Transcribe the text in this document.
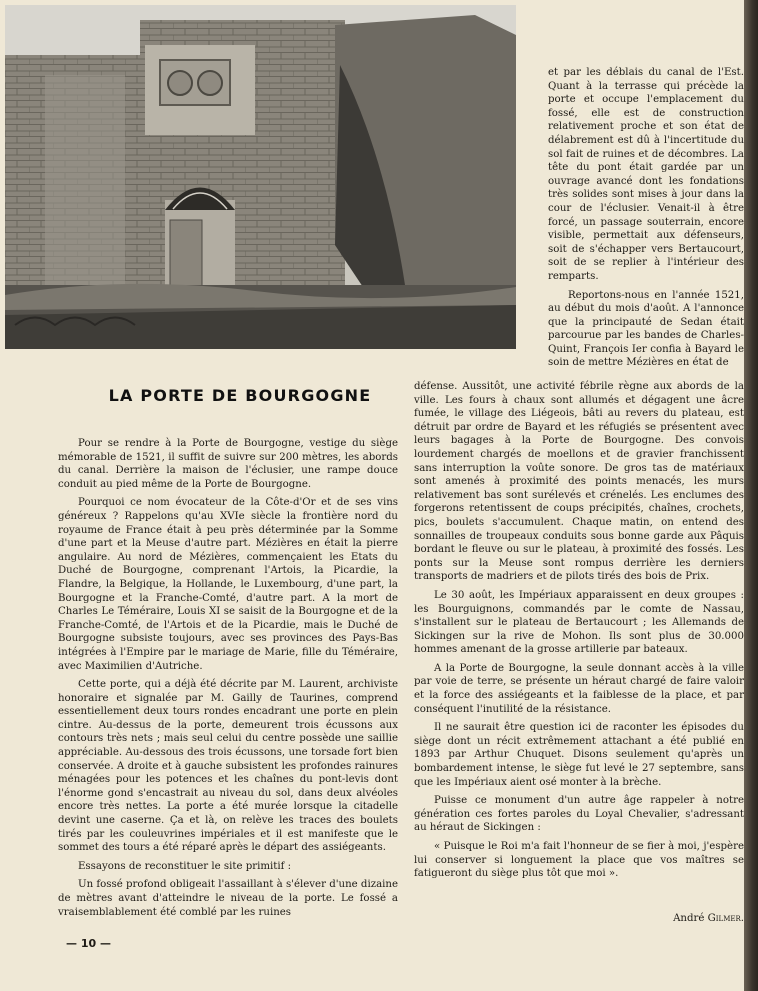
LA PORTE DE BOURGOGNE

Pour se rendre à la Porte de Bourgogne, vestige du siège mémorable de 1521, il suffit de suivre sur 200 mètres, les abords du canal. Derrière la maison de l'éclusier, une rampe douce conduit au pied même de la Porte de Bourgogne.

Pourquoi ce nom évocateur de la Côte-d'Or et de ses vins généreux ? Rappelons qu'au XVIe siècle la frontière nord du royaume de France était à peu près déterminée par la Somme d'une part et la Meuse d'autre part. Mézières en était la pierre angulaire. Au nord de Mézières, commençaient les Etats du Duché de Bourgogne, comprenant l'Artois, la Picardie, la Flandre, la Belgique, la Hollande, le Luxembourg, d'une part, la Bourgogne et la Franche-Comté, d'autre part. A la mort de Charles Le Téméraire, Louis XI se saisit de la Bourgogne et de la Franche-Comté, de l'Artois et de la Picardie, mais le Duché de Bourgogne subsiste toujours, avec ses provinces des Pays-Bas intégrées à l'Empire par le mariage de Marie, fille du Téméraire, avec Maximilien d'Autriche.

Cette porte, qui a déjà été décrite par M. Laurent, archiviste honoraire et signalée par M. Gailly de Taurines, comprend essentiellement deux tours rondes encadrant une porte en plein cintre. Au-dessus de la porte, demeurent trois écussons aux contours très nets ; mais seul celui du centre possède une saillie appréciable. Au-dessous des trois écussons, une torsade fort bien conservée. A droite et à gauche subsistent les profondes rainures ménagées pour les potences et les chaînes du pont-levis dont l'énorme gond s'encastrait au niveau du sol, dans deux alvéoles encore très nettes. La porte a été murée lorsque la citadelle devint une caserne. Ça et là, on relève les traces des boulets tirés par les couleuvrines impériales et il est manifeste que le sommet des tours a été réparé après le départ des assiégeants.

Essayons de reconstituer le site primitif :

Un fossé profond obligeait l'assaillant à s'élever d'une dizaine de mètres avant d'atteindre le niveau de la porte. Le fossé a vraisemblablement été comblé par les ruines

et par les déblais du canal de l'Est. Quant à la terrasse qui précède la porte et occupe l'emplacement du fossé, elle est de construction relativement proche et son état de délabrement est dû à l'incertitude du sol fait de ruines et de décombres. La tête du pont était gardée par un ouvrage avancé dont les fondations très solides sont mises à jour dans la cour de l'éclusier. Venait-il à être forcé, un passage souterrain, encore visible, permettait aux défenseurs, soit de s'échapper vers Bertaucourt, soit de se replier à l'intérieur des remparts.

Reportons-nous en l'année 1521, au début du mois d'août. A l'annonce que la principauté de Sedan était parcourue par les bandes de Charles-Quint, François Ier confia à Bayard le soin de mettre Mézières en état de

défense. Aussitôt, une activité fébrile règne aux abords de la ville. Les fours à chaux sont allumés et dégagent une âcre fumée, le village des Liégeois, bâti au revers du plateau, est détruit par ordre de Bayard et les réfugiés se présentent avec leurs bagages à la Porte de Bourgogne. Des convois lourdement chargés de moellons et de gravier franchissent sans interruption la voûte sonore. De gros tas de matériaux sont amenés à proximité des points menacés, les murs relativement bas sont surélevés et crénelés. Les enclumes des forgerons retentissent de coups précipités, chaînes, crochets, pics, boulets s'accumulent. Chaque matin, on entend des sonnailles de troupeaux conduits sous bonne garde aux Pâquis bordant le fleuve ou sur le plateau, à proximité des fossés. Les ponts sur la Meuse sont rompus derrière les derniers transports de madriers et de pilots tirés des bois de Prix.

Le 30 août, les Impériaux apparaissent en deux groupes : les Bourguignons, commandés par le comte de Nassau, s'installent sur le plateau de Bertaucourt ; les Allemands de Sickingen sur la rive de Mohon. Ils sont plus de 30.000 hommes amenant de la grosse artillerie par bateaux.

A la Porte de Bourgogne, la seule donnant accès à la ville par voie de terre, se présente un héraut chargé de faire valoir et la force des assiégeants et la faiblesse de la place, et par conséquent l'inutilité de la résistance.

Il ne saurait être question ici de raconter les épisodes du siège dont un récit extrêmement attachant a été publié en 1893 par Arthur Chuquet. Disons seulement qu'après un bombardement intense, le siège fut levé le 27 septembre, sans que les Impériaux aient osé monter à la brèche.

Puisse ce monument d'un autre âge rappeler à notre génération ces fortes paroles du Loyal Chevalier, s'adressant au héraut de Sickingen :

« Puisque le Roi m'a fait l'honneur de se fier à moi, j'espère lui conserver si longuement la place que vos maîtres se fatigueront du siège plus tôt que moi ».

André Gilmer.
— 10 —
